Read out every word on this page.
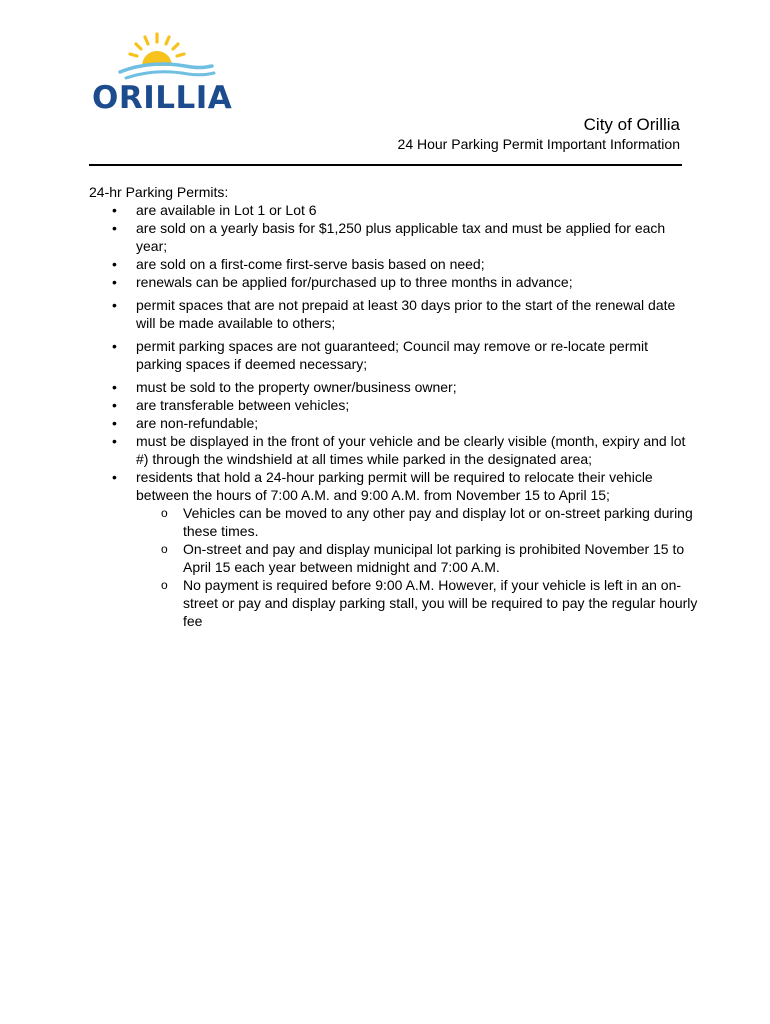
ORILLIA
City of Orillia
24 Hour Parking Permit Important Information

24-hr Parking Permits:

• are available in Lot 1 or Lot 6
• are sold on a yearly basis for $1,250 plus applicable tax and must be applied for each year;
• are sold on a first-come first-serve basis based on need;
• renewals can be applied for/purchased up to three months in advance;
• permit spaces that are not prepaid at least 30 days prior to the start of the renewal date will be made available to others;
• permit parking spaces are not guaranteed; Council may remove or re-locate permit parking spaces if deemed necessary;
• must be sold to the property owner/business owner;
• are transferable between vehicles;
• are non-refundable;
• must be displayed in the front of your vehicle and be clearly visible (month, expiry and lot #) through the windshield at all times while parked in the designated area;
• residents that hold a 24-hour parking permit will be required to relocate their vehicle between the hours of 7:00 A.M. and 9:00 A.M. from November 15 to April 15;
o Vehicles can be moved to any other pay and display lot or on-street parking during these times.
o On-street and pay and display municipal lot parking is prohibited November 15 to April 15 each year between midnight and 7:00 A.M.
o No payment is required before 9:00 A.M. However, if your vehicle is left in an on-street or pay and display parking stall, you will be required to pay the regular hourly fee
